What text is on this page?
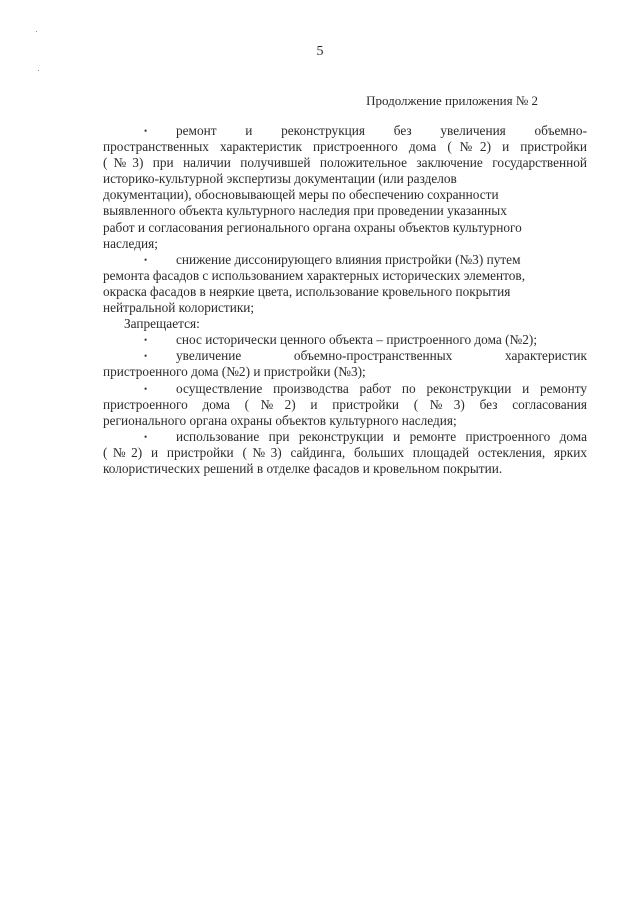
5
Продолжение приложения № 2
•	ремонт и реконструкция без увеличения объемно-
пространственных характеристик пристроенного дома (№2) и пристройки
(№3) при наличии получившей положительное заключение государственной
историко-культурной экспертизы документации (или разделов
документации), обосновывающей меры по обеспечению сохранности
выявленного объекта культурного наследия при проведении указанных
работ и согласования регионального органа охраны объектов культурного
наследия;
•	снижение диссонирующего влияния пристройки (№3) путем
ремонта фасадов с использованием характерных исторических элементов,
окраска фасадов в неяркие цвета, использование кровельного покрытия
нейтральной колористики;
Запрещается:
•	снос исторически ценного объекта – пристроенного дома (№2);
•	увеличение объемно-пространственных характеристик
пристроенного дома (№2) и пристройки (№3);
•	осуществление производства работ по реконструкции и ремонту
пристроенного дома (№2) и пристройки (№3) без согласования
регионального органа охраны объектов культурного наследия;
•	использование при реконструкции и ремонте пристроенного дома
(№2) и пристройки (№3) сайдинга, больших площадей остекления, ярких
колористических решений в отделке фасадов и кровельном покрытии.
